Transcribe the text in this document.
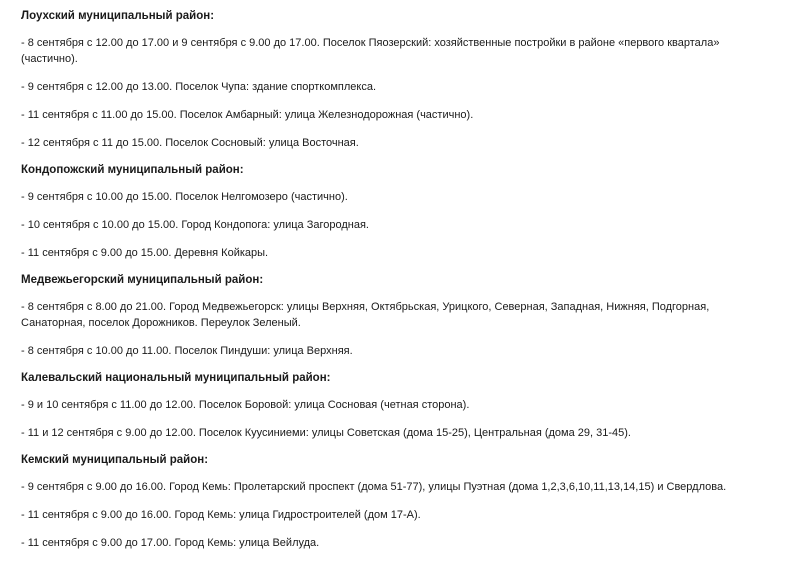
Лоухский муниципальный район:
- 8 сентября с 12.00 до 17.00 и 9 сентября с 9.00 до 17.00. Поселок Пяозерский: хозяйственные постройки в районе «первого квартала» (частично).
- 9 сентября с 12.00 до 13.00. Поселок Чупа: здание спорткомплекса.
- 11 сентября с 11.00 до 15.00. Поселок Амбарный: улица Железнодорожная (частично).
- 12 сентября с 11 до 15.00. Поселок Сосновый: улица Восточная.
Кондопожский муниципальный район:
- 9 сентября с 10.00 до 15.00. Поселок Нелгомозеро (частично).
- 10 сентября с 10.00 до 15.00. Город Кондопога: улица Загородная.
- 11 сентября с 9.00 до 15.00. Деревня Койкары.
Медвежьегорский муниципальный район:
- 8 сентября с 8.00 до 21.00. Город Медвежьегорск: улицы Верхняя, Октябрьская, Урицкого, Северная, Западная, Нижняя, Подгорная, Санаторная, поселок Дорожников. Переулок Зеленый.
- 8 сентября с 10.00 до 11.00. Поселок Пиндуши: улица Верхняя.
Калевальский национальный муниципальный район:
- 9 и 10 сентября с 11.00 до 12.00. Поселок Боровой: улица Сосновая (четная сторона).
- 11 и 12 сентября с 9.00 до 12.00. Поселок Куусиниеми: улицы Советская (дома 15-25), Центральная (дома 29, 31-45).
Кемский муниципальный район:
- 9 сентября с 9.00 до 16.00. Город Кемь: Пролетарский проспект (дома 51-77), улицы Пуэтная (дома 1,2,3,6,10,11,13,14,15) и Свердлова.
- 11 сентября с 9.00 до 16.00. Город Кемь: улица Гидростроителей (дом 17-А).
- 11 сентября с 9.00 до 17.00. Город Кемь: улица Вейлуда.
